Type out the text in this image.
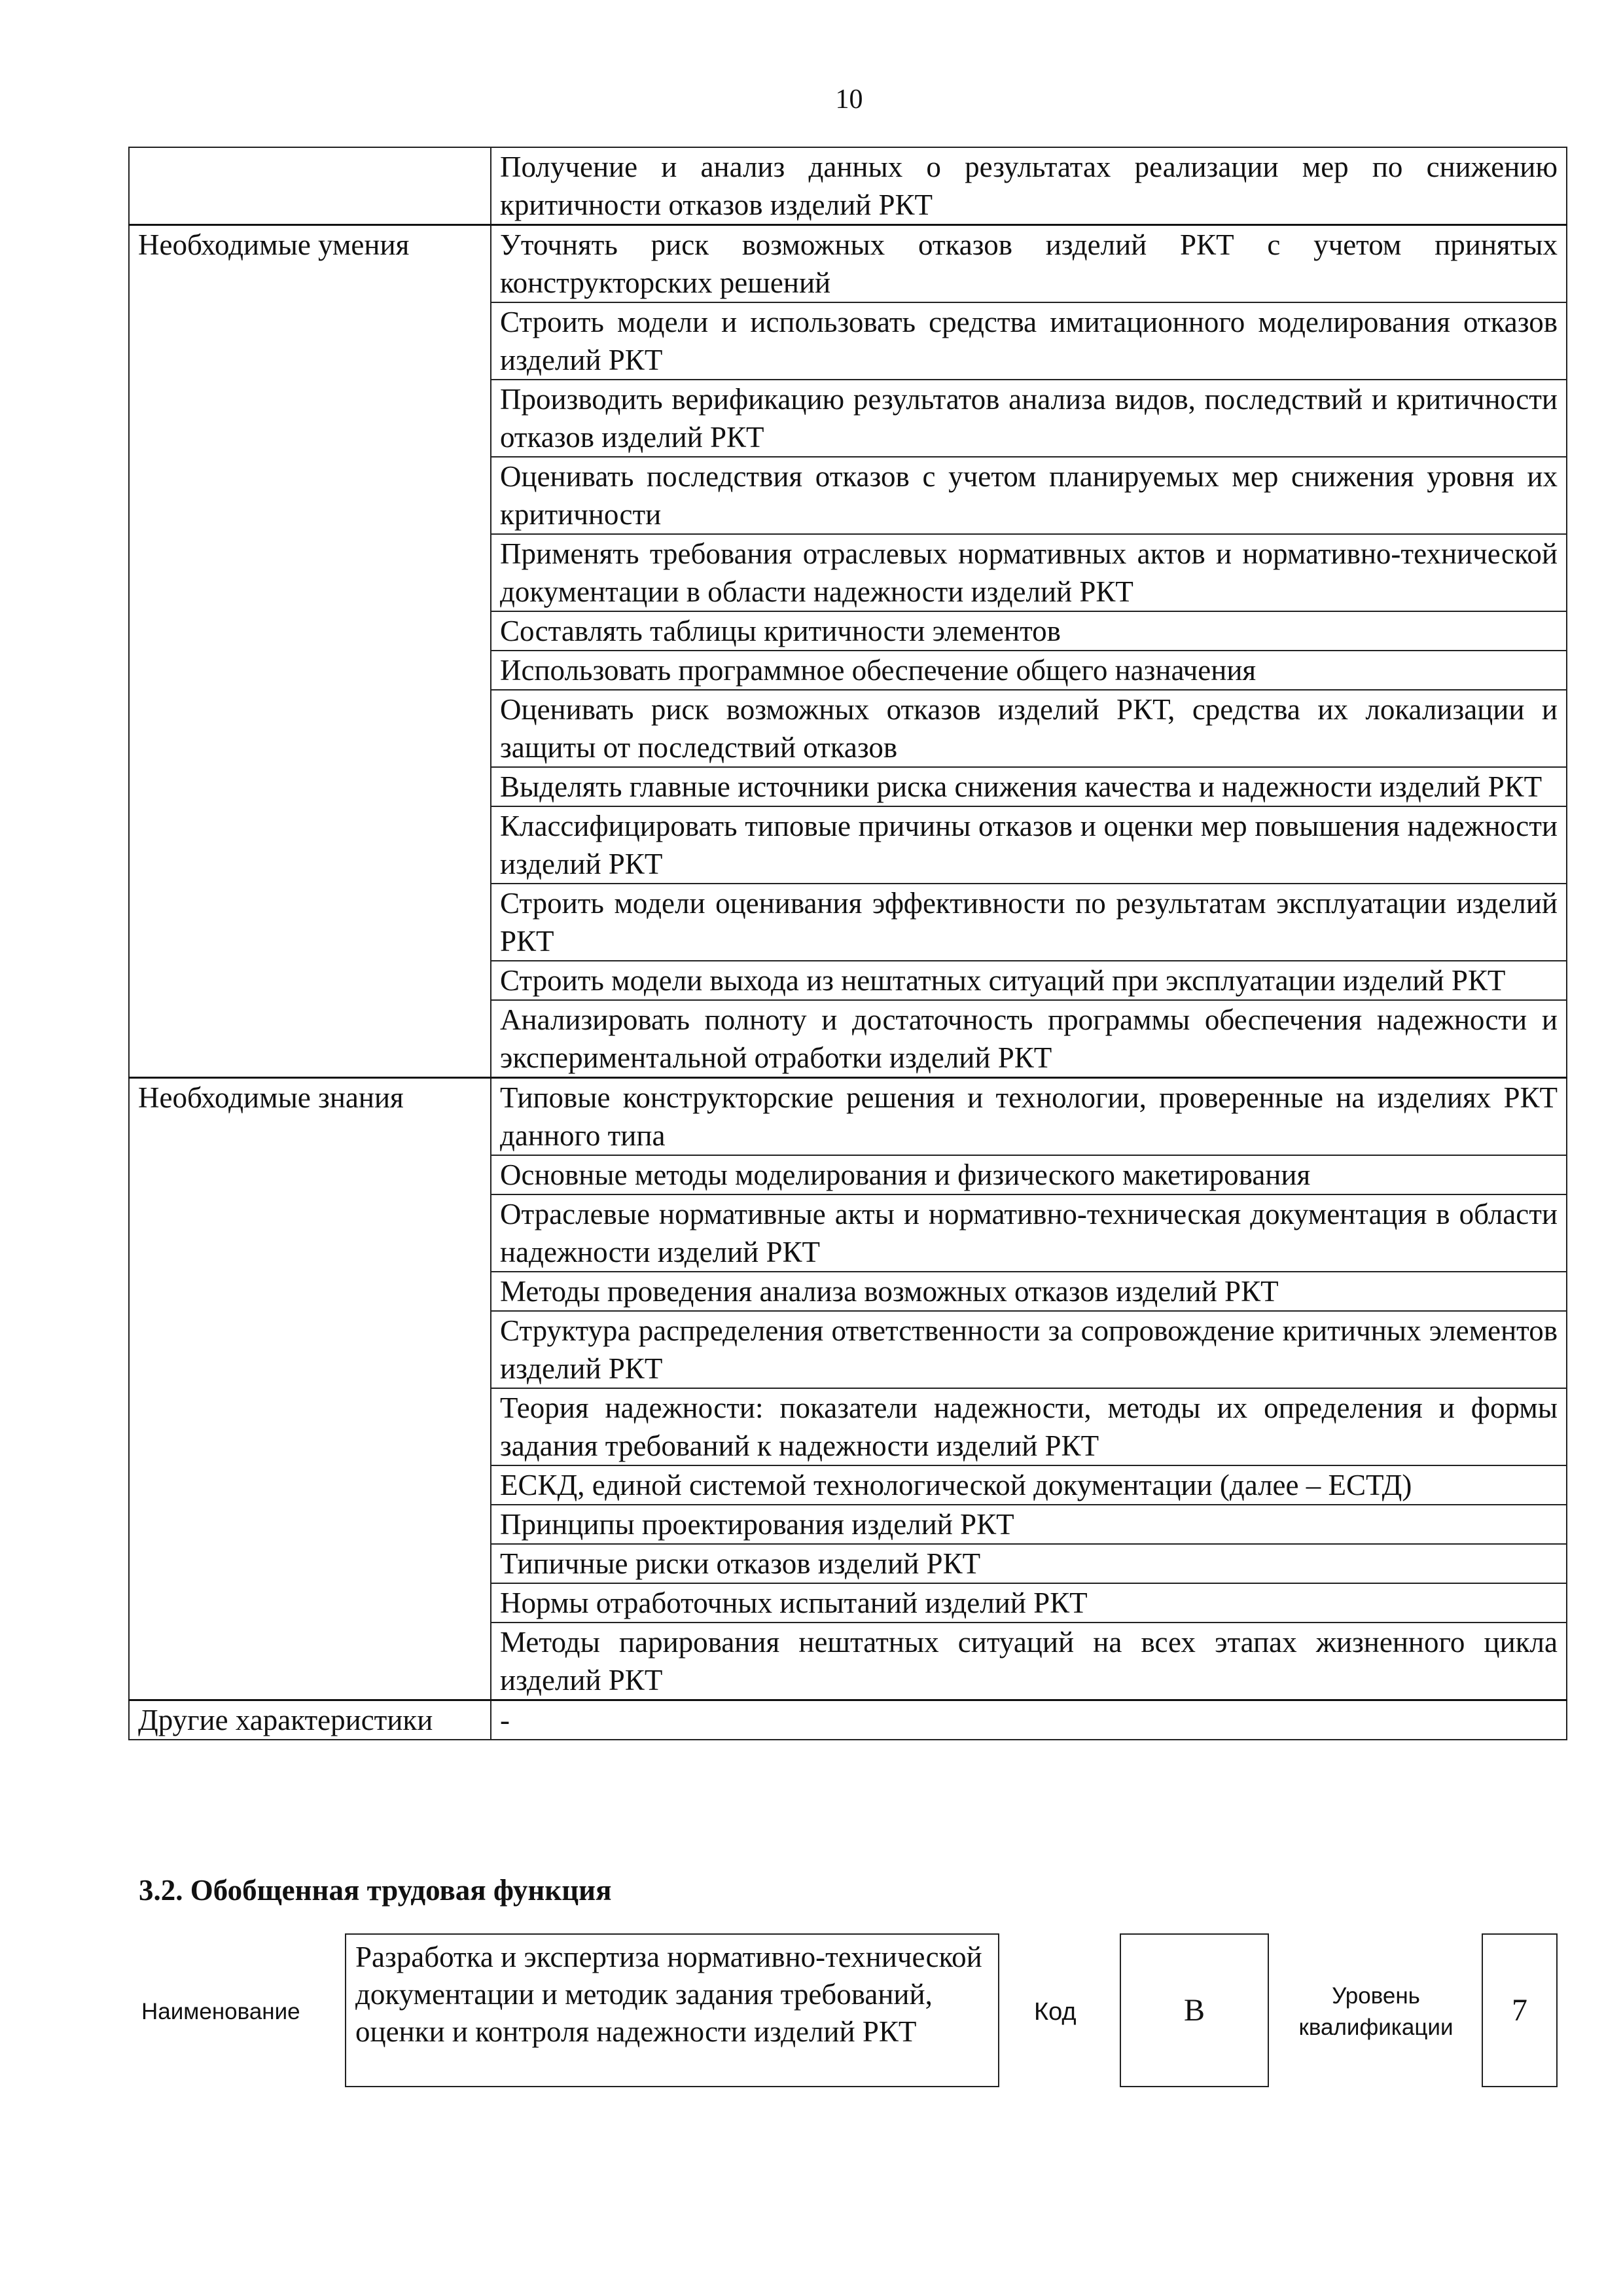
10
	Получение и анализ данных о результатах реализации мер по снижению критичности отказов изделий РКТ
Необходимые умения	Уточнять риск возможных отказов изделий РКТ с учетом принятых конструкторских решений
	Строить модели и использовать средства имитационного моделирования отказов изделий РКТ
	Производить верификацию результатов анализа видов, последствий и критичности отказов изделий РКТ
	Оценивать последствия отказов с учетом планируемых мер снижения уровня их критичности
	Применять требования отраслевых нормативных актов и нормативно-технической документации в области надежности изделий РКТ
	Составлять таблицы критичности элементов
	Использовать программное обеспечение общего назначения
	Оценивать риск возможных отказов изделий РКТ, средства их локализации и защиты от последствий отказов
	Выделять главные источники риска снижения качества и надежности изделий РКТ
	Классифицировать типовые причины отказов и оценки мер повышения надежности изделий РКТ
	Строить модели оценивания эффективности по результатам эксплуатации изделий РКТ
	Строить модели выхода из нештатных ситуаций при эксплуатации изделий РКТ
	Анализировать полноту и достаточность программы обеспечения надежности и экспериментальной отработки изделий РКТ
Необходимые знания	Типовые конструкторские решения и технологии, проверенные на изделиях РКТ данного типа
	Основные методы моделирования и физического макетирования
	Отраслевые нормативные акты и нормативно-техническая документация в области надежности изделий РКТ
	Методы проведения анализа возможных отказов изделий РКТ
	Структура распределения ответственности за сопровождение критичных элементов изделий РКТ
	Теория надежности: показатели надежности, методы их определения и формы задания требований к надежности изделий РКТ
	ЕСКД, единой системой технологической документации (далее – ЕСТД)
	Принципы проектирования изделий РКТ
	Типичные риски отказов изделий РКТ
	Нормы отработочных испытаний изделий РКТ
	Методы парирования нештатных ситуаций на всех этапах жизненного цикла изделий РКТ
Другие характеристики	-
3.2. Обобщенная трудовая функция
Наименование
Разработка и экспертиза нормативно-технической документации и методик задания требований, оценки и контроля надежности изделий РКТ
Код	B	Уровень квалификации	7
